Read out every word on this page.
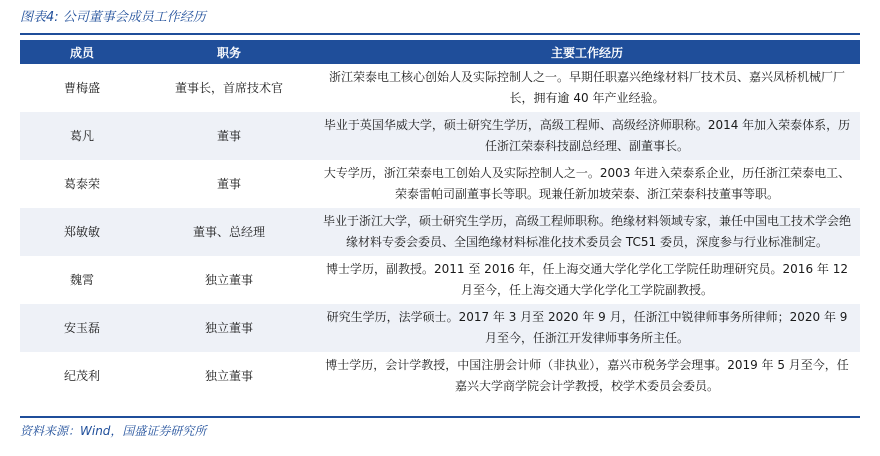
图表4: 公司董事会成员工作经历
成员	职务	主要工作经历
曹梅盛	董事长，首席技术官	浙江荣泰电工核心创始人及实际控制人之一。早期任职嘉兴绝缘材料厂技术员、嘉兴凤桥机械厂厂长，拥有逾 40 年产业经验。
葛凡	董事	毕业于英国华威大学，硕士研究生学历，高级工程师、高级经济师职称。2014 年加入荣泰体系，历任浙江荣泰科技副总经理、副董事长。
葛泰荣	董事	大专学历，浙江荣泰电工创始人及实际控制人之一。2003 年进入荣泰系企业，历任浙江荣泰电工、荣泰雷帕司副董事长等职。现兼任新加坡荣泰、浙江荣泰科技董事等职。
郑敏敏	董事、总经理	毕业于浙江大学，硕士研究生学历，高级工程师职称。绝缘材料领域专家，兼任中国电工技术学会绝缘材料专委会委员、全国绝缘材料标准化技术委员会 TC51 委员，深度参与行业标准制定。
魏霄	独立董事	博士学历，副教授。2011 至 2016 年，任上海交通大学化学化工学院任助理研究员。2016 年 12 月至今，任上海交通大学化学化工学院副教授。
安玉磊	独立董事	研究生学历，法学硕士。2017 年 3 月至 2020 年 9 月，任浙江中锐律师事务所律师；2020 年 9 月至今，任浙江开发律师事务所主任。
纪茂利	独立董事	博士学历，会计学教授，中国注册会计师（非执业），嘉兴市税务学会理事。2019 年 5 月至今，任嘉兴大学商学院会计学教授，校学术委员会委员。
资料来源：Wind，国盛证券研究所
